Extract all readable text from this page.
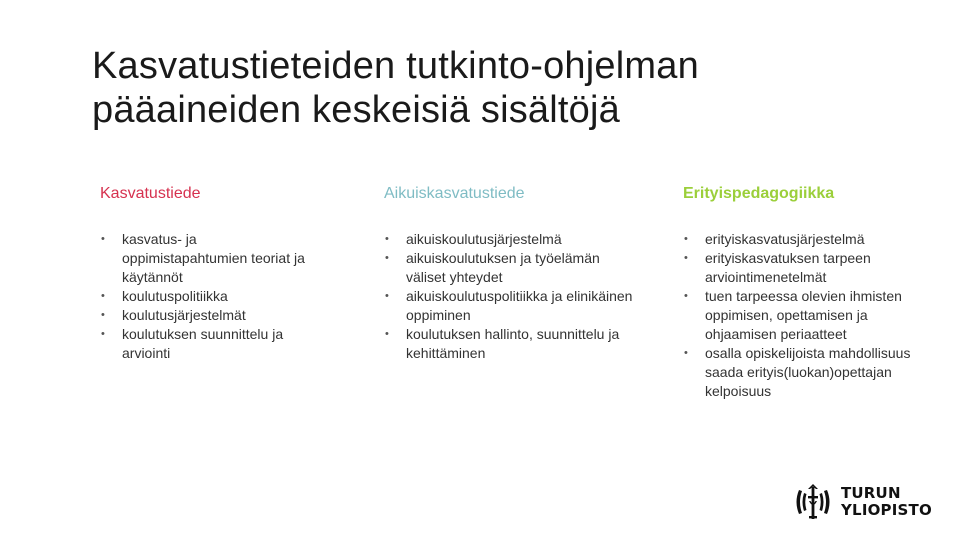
Kasvatustieteiden tutkinto-ohjelman
pääaineiden keskeisiä sisältöjä
Kasvatustiede
• kasvatus- ja oppimistapahtumien teoriat ja käytännöt
• koulutuspolitiikka
• koulutusjärjestelmät
• koulutuksen suunnittelu ja arviointi
Aikuiskasvatustiede
• aikuiskoulutusjärjestelmä
• aikuiskoulutuksen ja työelämän väliset yhteydet
• aikuiskoulutuspolitiikka ja elinikäinen oppiminen
• koulutuksen hallinto, suunnittelu ja kehittäminen
Erityispedagogiikka
• erityiskasvatusjärjestelmä
• erityiskasvatuksen tarpeen arviointimenetelmät
• tuen tarpeessa olevien ihmisten oppimisen, opettamisen ja ohjaamisen periaatteet
• osalla opiskelijoista mahdollisuus saada erityis(luokan)opettajan kelpoisuus
TURUN
YLIOPISTO
